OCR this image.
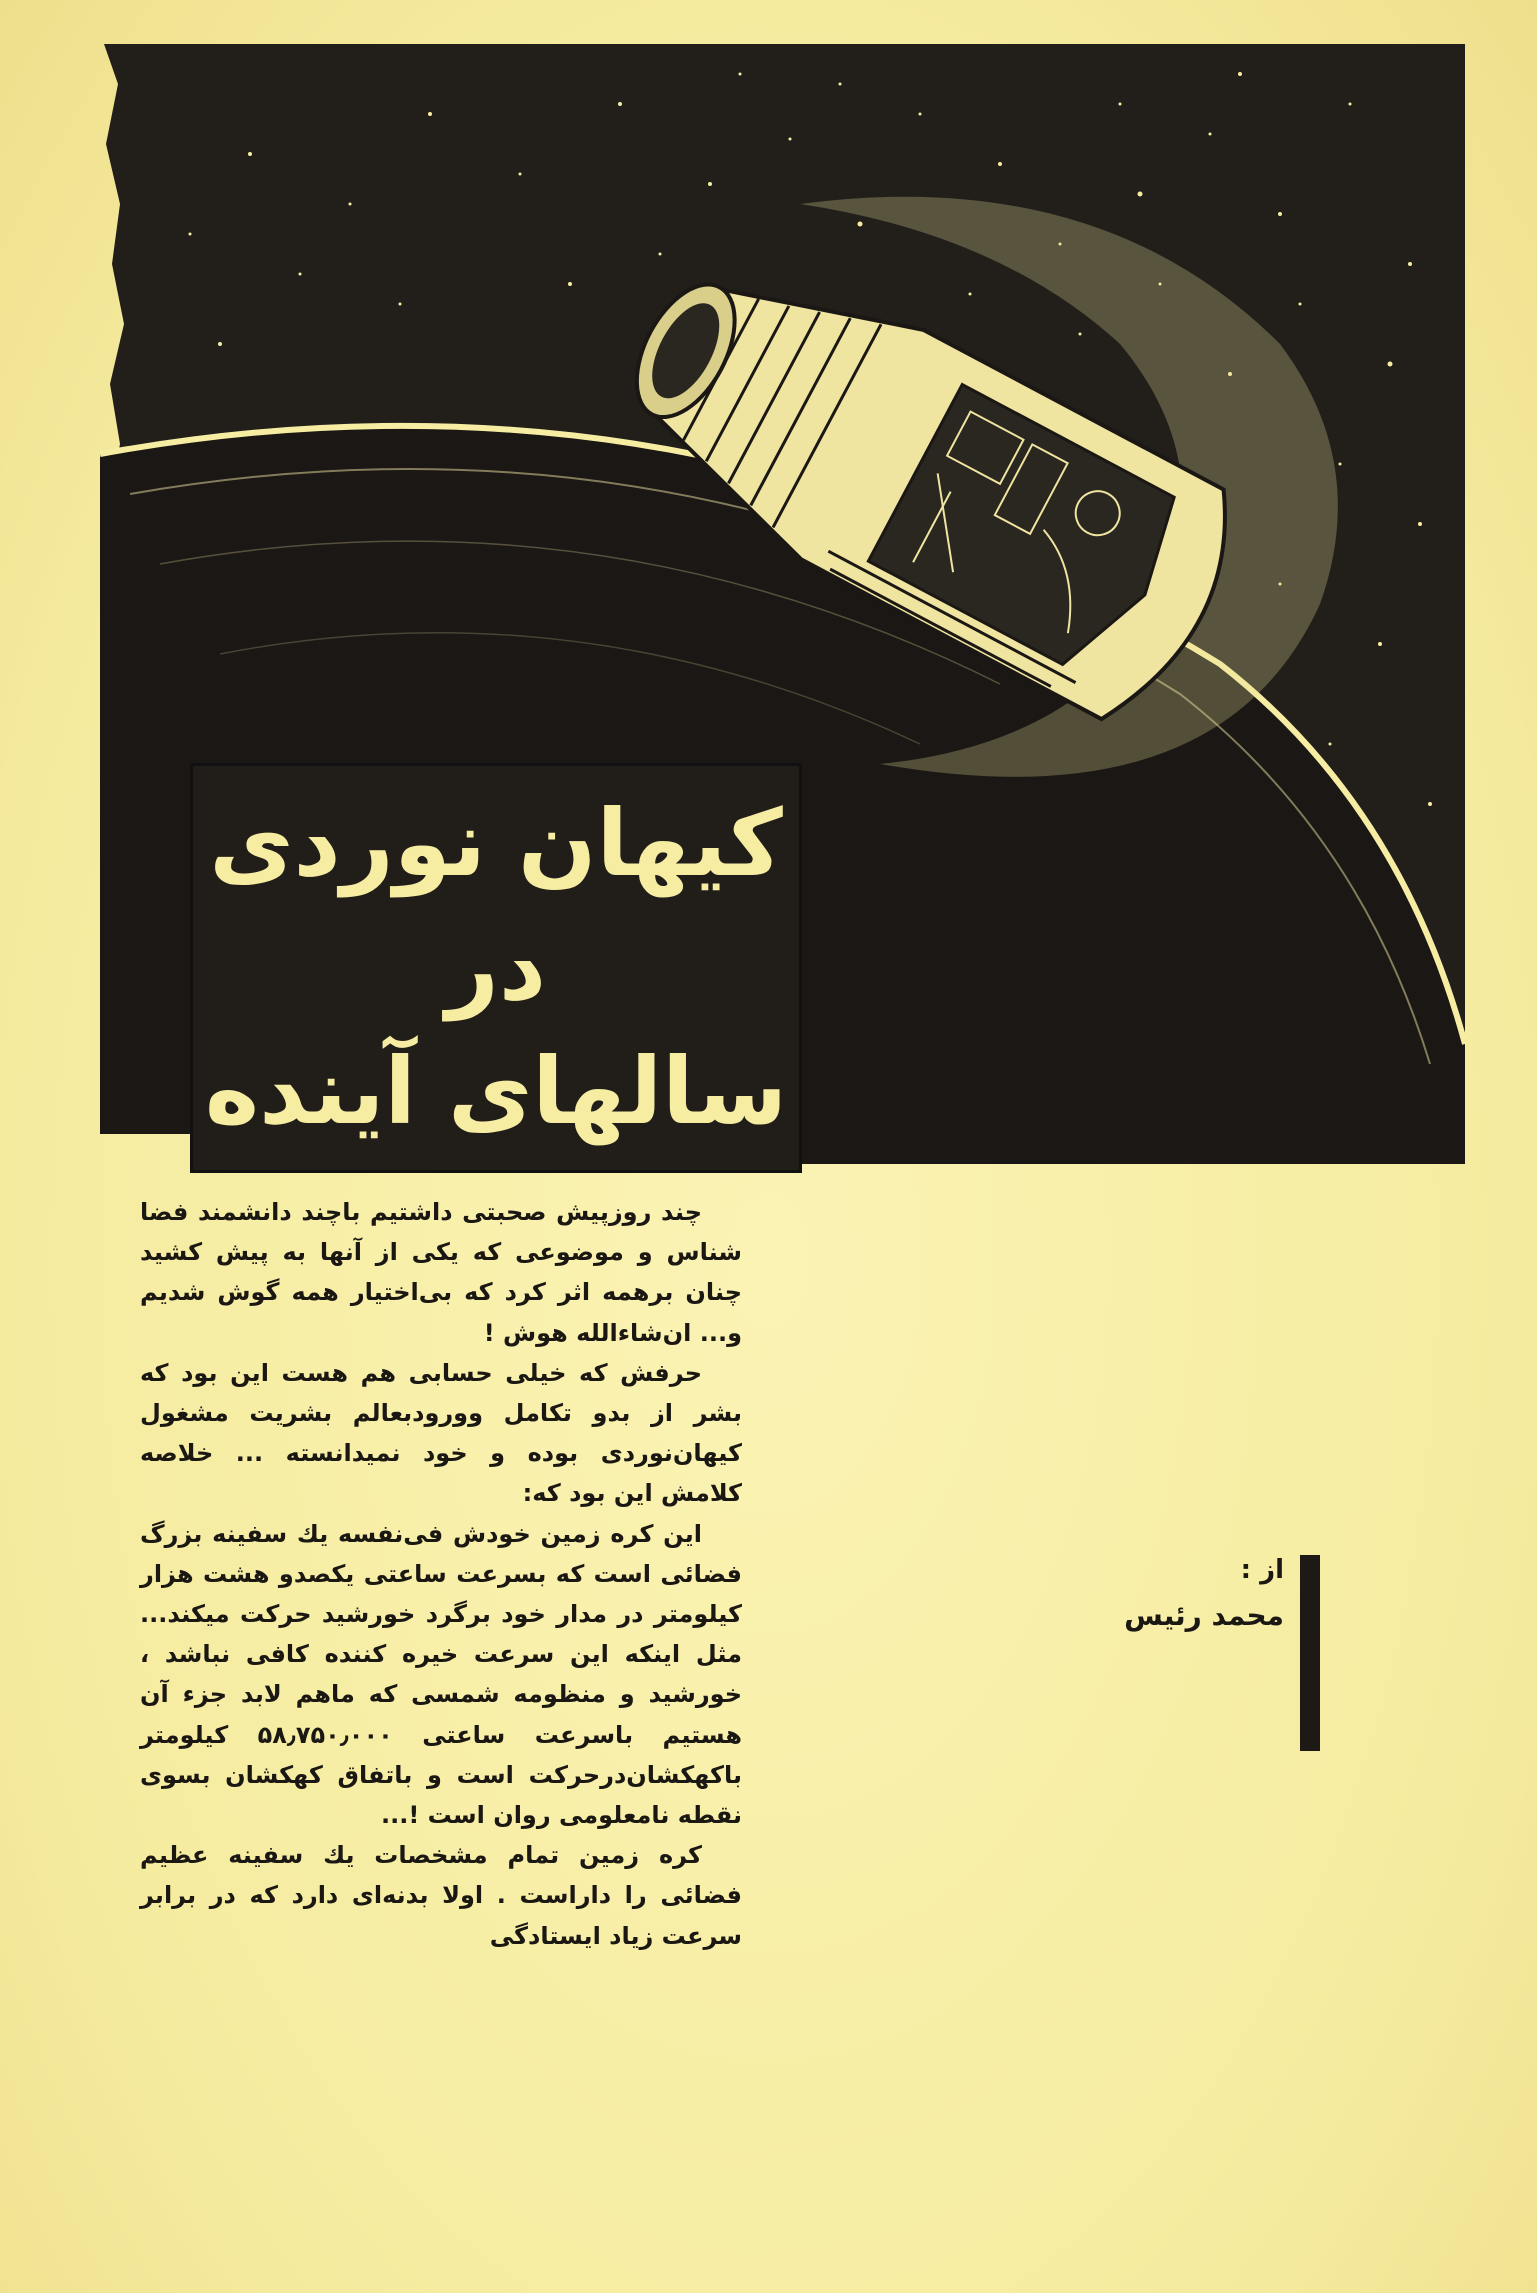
کیهان نوردی
در
سالهای آینده

چند روزپیش صحبتی داشتیم باچند دانشمند فضا شناس و موضوعی که یکی از آنها به پیش کشید چنان برهمه اثر کرد که بی‌اختیار همه گوش شدیم و... ان‌شاءالله هوش !

حرفش که خیلی حسابی هم هست این بود که بشر از بدو تکامل وورودبعالم بشریت مشغول کیهان‌نوردی بوده و خود نمیدانسته ... خلاصه کلامش این بود که:

این کره زمین خودش فی‌نفسه یك سفینه بزرگ فضائی است که بسرعت ساعتی یکصدو هشت هزار کیلومتر در مدار خود برگرد خورشید حرکت میکند... مثل اینکه این سرعت خیره کننده کافی نباشد ، خورشید و منظومه شمسی که ماهم لابد جزء آن هستیم باسرعت ساعتی ۵۸٫۷۵۰٫۰۰۰ کیلومتر باکهکشان‌درحرکت است و باتفاق کهکشان بسوی نقطه نامعلومی روان است !...

کره زمین تمام مشخصات یك سفینه عظیم فضائی را داراست . اولا بدنه‌ای دارد که در برابر سرعت زیاد ایستادگی

از :
محمد رئیس
